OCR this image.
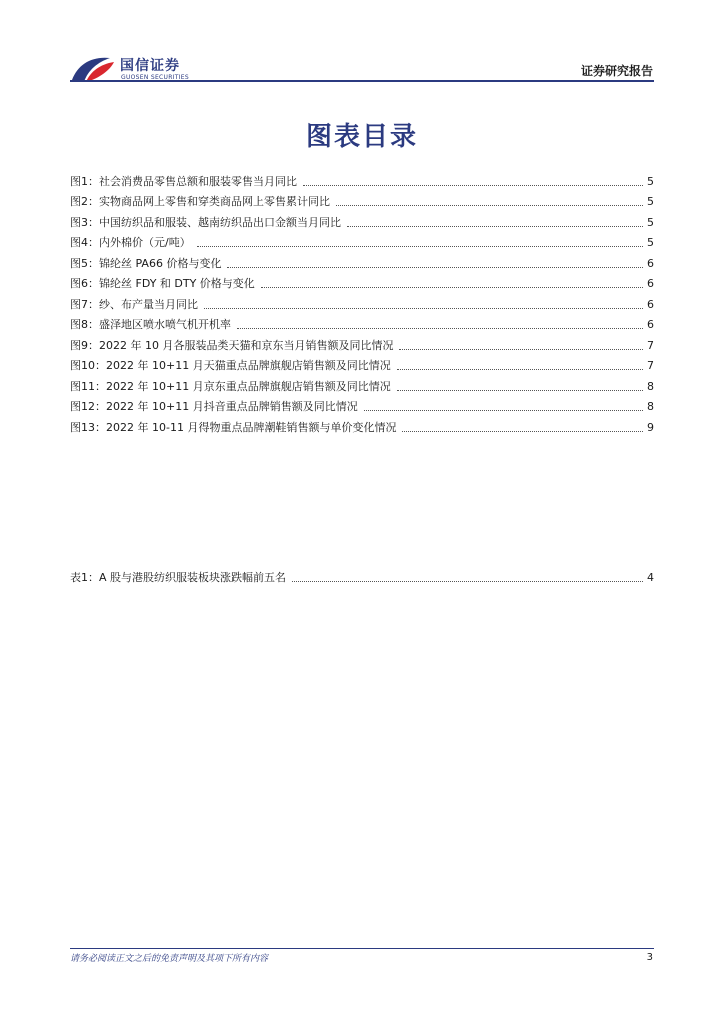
国信证券
GUOSEN SECURITIES	证券研究报告
图表目录
图1： 社会消费品零售总额和服装零售当月同比	5
图2： 实物商品网上零售和穿类商品网上零售累计同比	5
图3： 中国纺织品和服装、越南纺织品出口金额当月同比	5
图4： 内外棉价（元/吨）	5
图5： 锦纶丝 PA66 价格与变化	6
图6： 锦纶丝 FDY 和 DTY 价格与变化	6
图7： 纱、布产量当月同比	6
图8： 盛泽地区喷水喷气机开机率	6
图9： 2022 年 10 月各服装品类天猫和京东当月销售额及同比情况	7
图10： 2022 年 10+11 月天猫重点品牌旗舰店销售额及同比情况	7
图11： 2022 年 10+11 月京东重点品牌旗舰店销售额及同比情况	8
图12： 2022 年 10+11 月抖音重点品牌销售额及同比情况	8
图13： 2022 年 10-11 月得物重点品牌潮鞋销售额与单价变化情况	9
表1： A 股与港股纺织服装板块涨跌幅前五名	4
请务必阅读正文之后的免责声明及其项下所有内容	3
